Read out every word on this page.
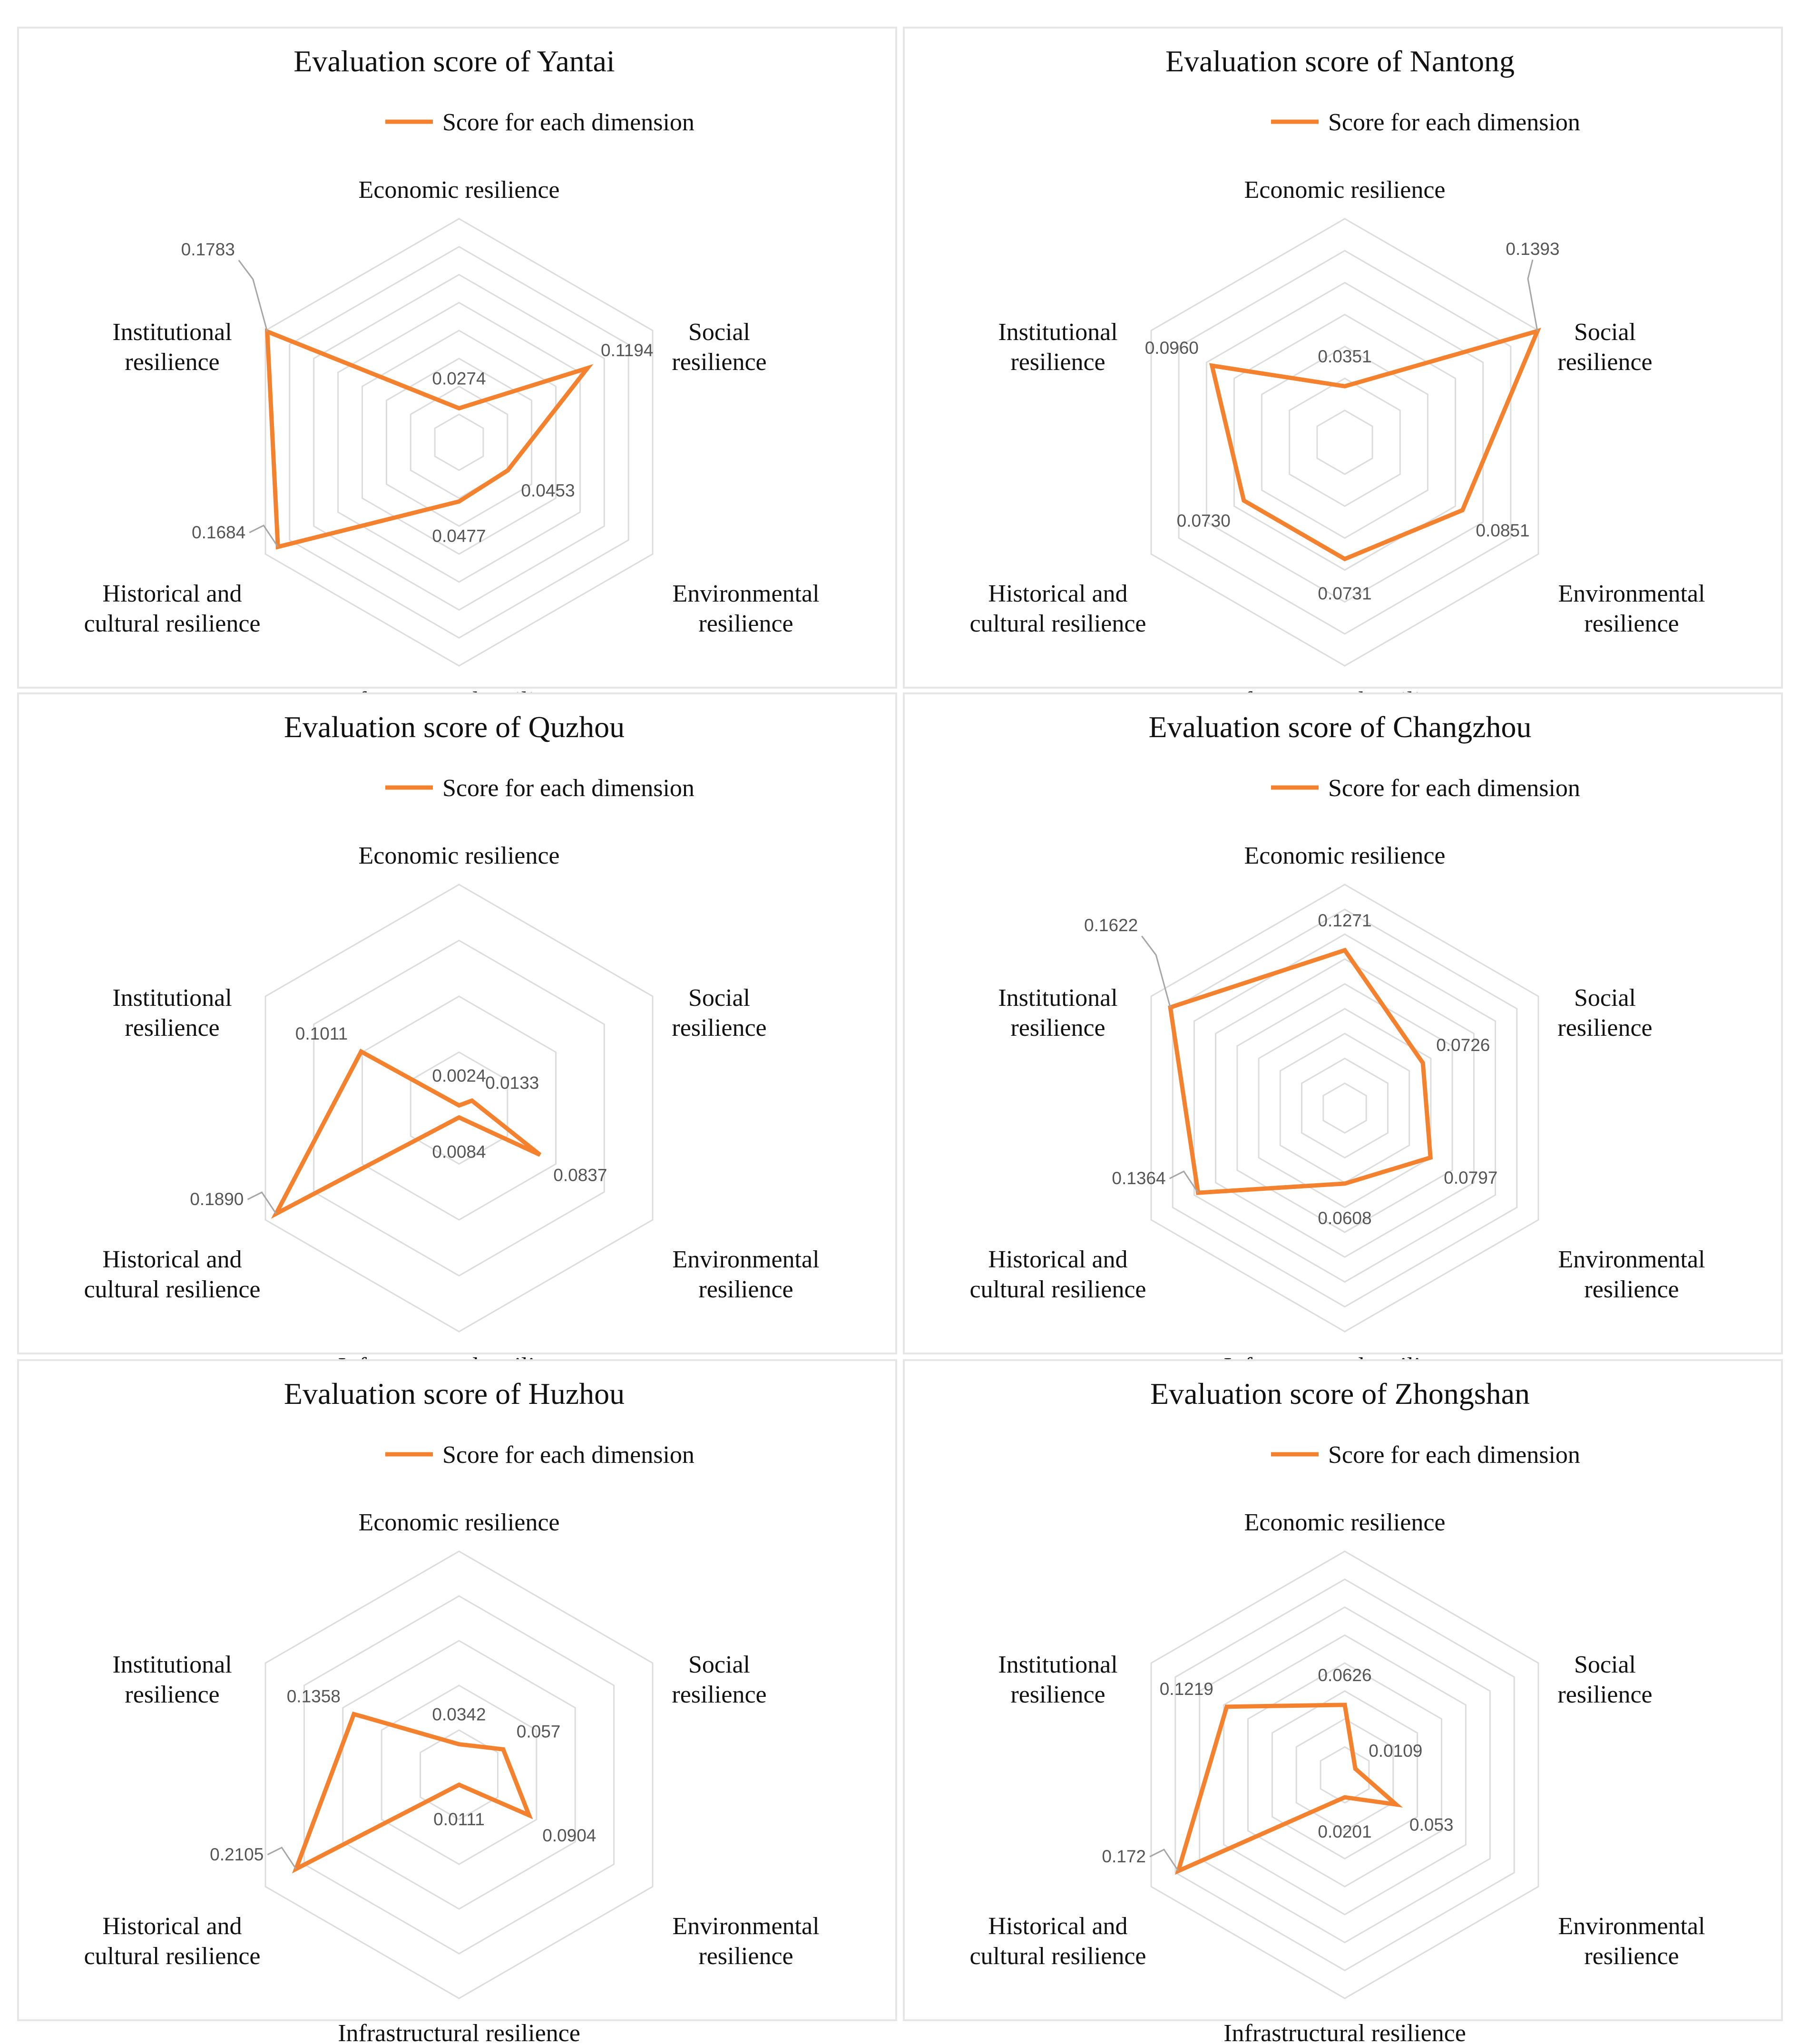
Evaluation score of Yantai
Score for each dimension
Economic resilience
Social resilience
Environmental resilience
Historical and cultural resilience
Institutional resilience
0.0274
0.1194
0.0453
0.0477
0.1684
0.1783
Evaluation score of Nantong
Score for each dimension
Economic resilience
Social resilience
Environmental resilience
Historical and cultural resilience
Institutional resilience	0.0351
0.1393
0.0851
0.0731
0.0730
0.0960
Evaluation score of Quzhou
Score for each dimension
Economic resilience
Social resilience
Environmental resilience
Historical and cultural resilience
Institutional resilience
0.0024
0.0133
0.0837
0.0084
0.1890
0.1011
Evaluation score of Changzhou
Score for each dimension
Economic resilience
Social resilience
Environmental resilience
Historical and cultural resilience
Institutional resilience
0.1271
0.0726
0.0797
0.0608
0.1364
0.1622
Evaluation score of Huzhou
Score for each dimension
Economic resilience
Social resilience
Environmental resilience
Infrastructural resilience
Historical and cultural resilience
Institutional resilience
0.0342
0.057
0.0904
0.0111
0.2105
0.1358
Evaluation score of Zhongshan
Score for each dimension
Economic resilience
Social resilience
Environmental resilience
Infrastructural resilience
Historical and cultural resilience
Institutional resilience
0.0626
0.0109
0.053
0.0201
0.172
0.1219
